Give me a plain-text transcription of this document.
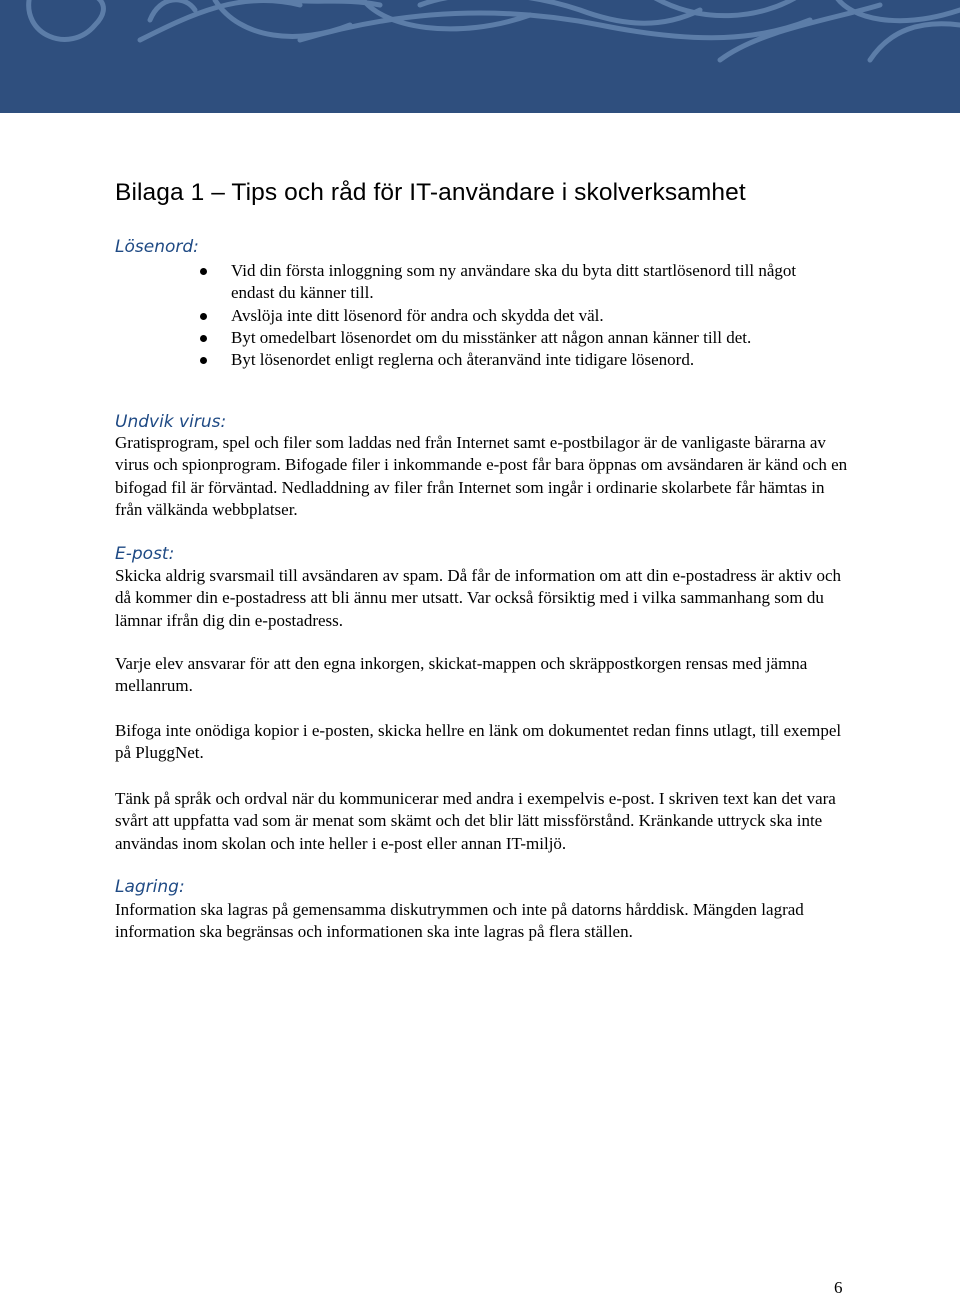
Bilaga 1 – Tips och råd för IT-användare i skolverksamhet
Lösenord:
Vid din första inloggning som ny användare ska du byta ditt startlösenord till något endast du känner till.
Avslöja inte ditt lösenord för andra och skydda det väl.
Byt omedelbart lösenordet om du misstänker att någon annan känner till det.
Byt lösenordet enligt reglerna och återanvänd inte tidigare lösenord.
Undvik virus:

Gratisprogram, spel och filer som laddas ned från Internet samt e-postbilagor är de vanligaste bärarna av virus och spionprogram. Bifogade filer i inkommande e-post får bara öppnas om avsändaren är känd och en bifogad fil är förväntad. Nedladdning av filer från Internet som ingår i ordinarie skolarbete får hämtas in från välkända webbplatser.

E-post:

Skicka aldrig svarsmail till avsändaren av spam. Då får de information om att din e-postadress är aktiv och då kommer din e-postadress att bli ännu mer utsatt. Var också försiktig med i vilka sammanhang som du lämnar ifrån dig din e-postadress.

Varje elev ansvarar för att den egna inkorgen, skickat-mappen och skräppostkorgen rensas med jämna mellanrum.

Bifoga inte onödiga kopior i e-posten, skicka hellre en länk om dokumentet redan finns utlagt, till exempel på PluggNet.

Tänk på språk och ordval när du kommunicerar med andra i exempelvis e-post. I skriven text kan det vara svårt att uppfatta vad som är menat som skämt och det blir lätt missförstånd. Kränkande uttryck ska inte användas inom skolan och inte heller i e-post eller annan IT-miljö.

Lagring:

Information ska lagras på gemensamma diskutrymmen och inte på datorns hårddisk. Mängden lagrad information ska begränsas och informationen ska inte lagras på flera ställen.

6
